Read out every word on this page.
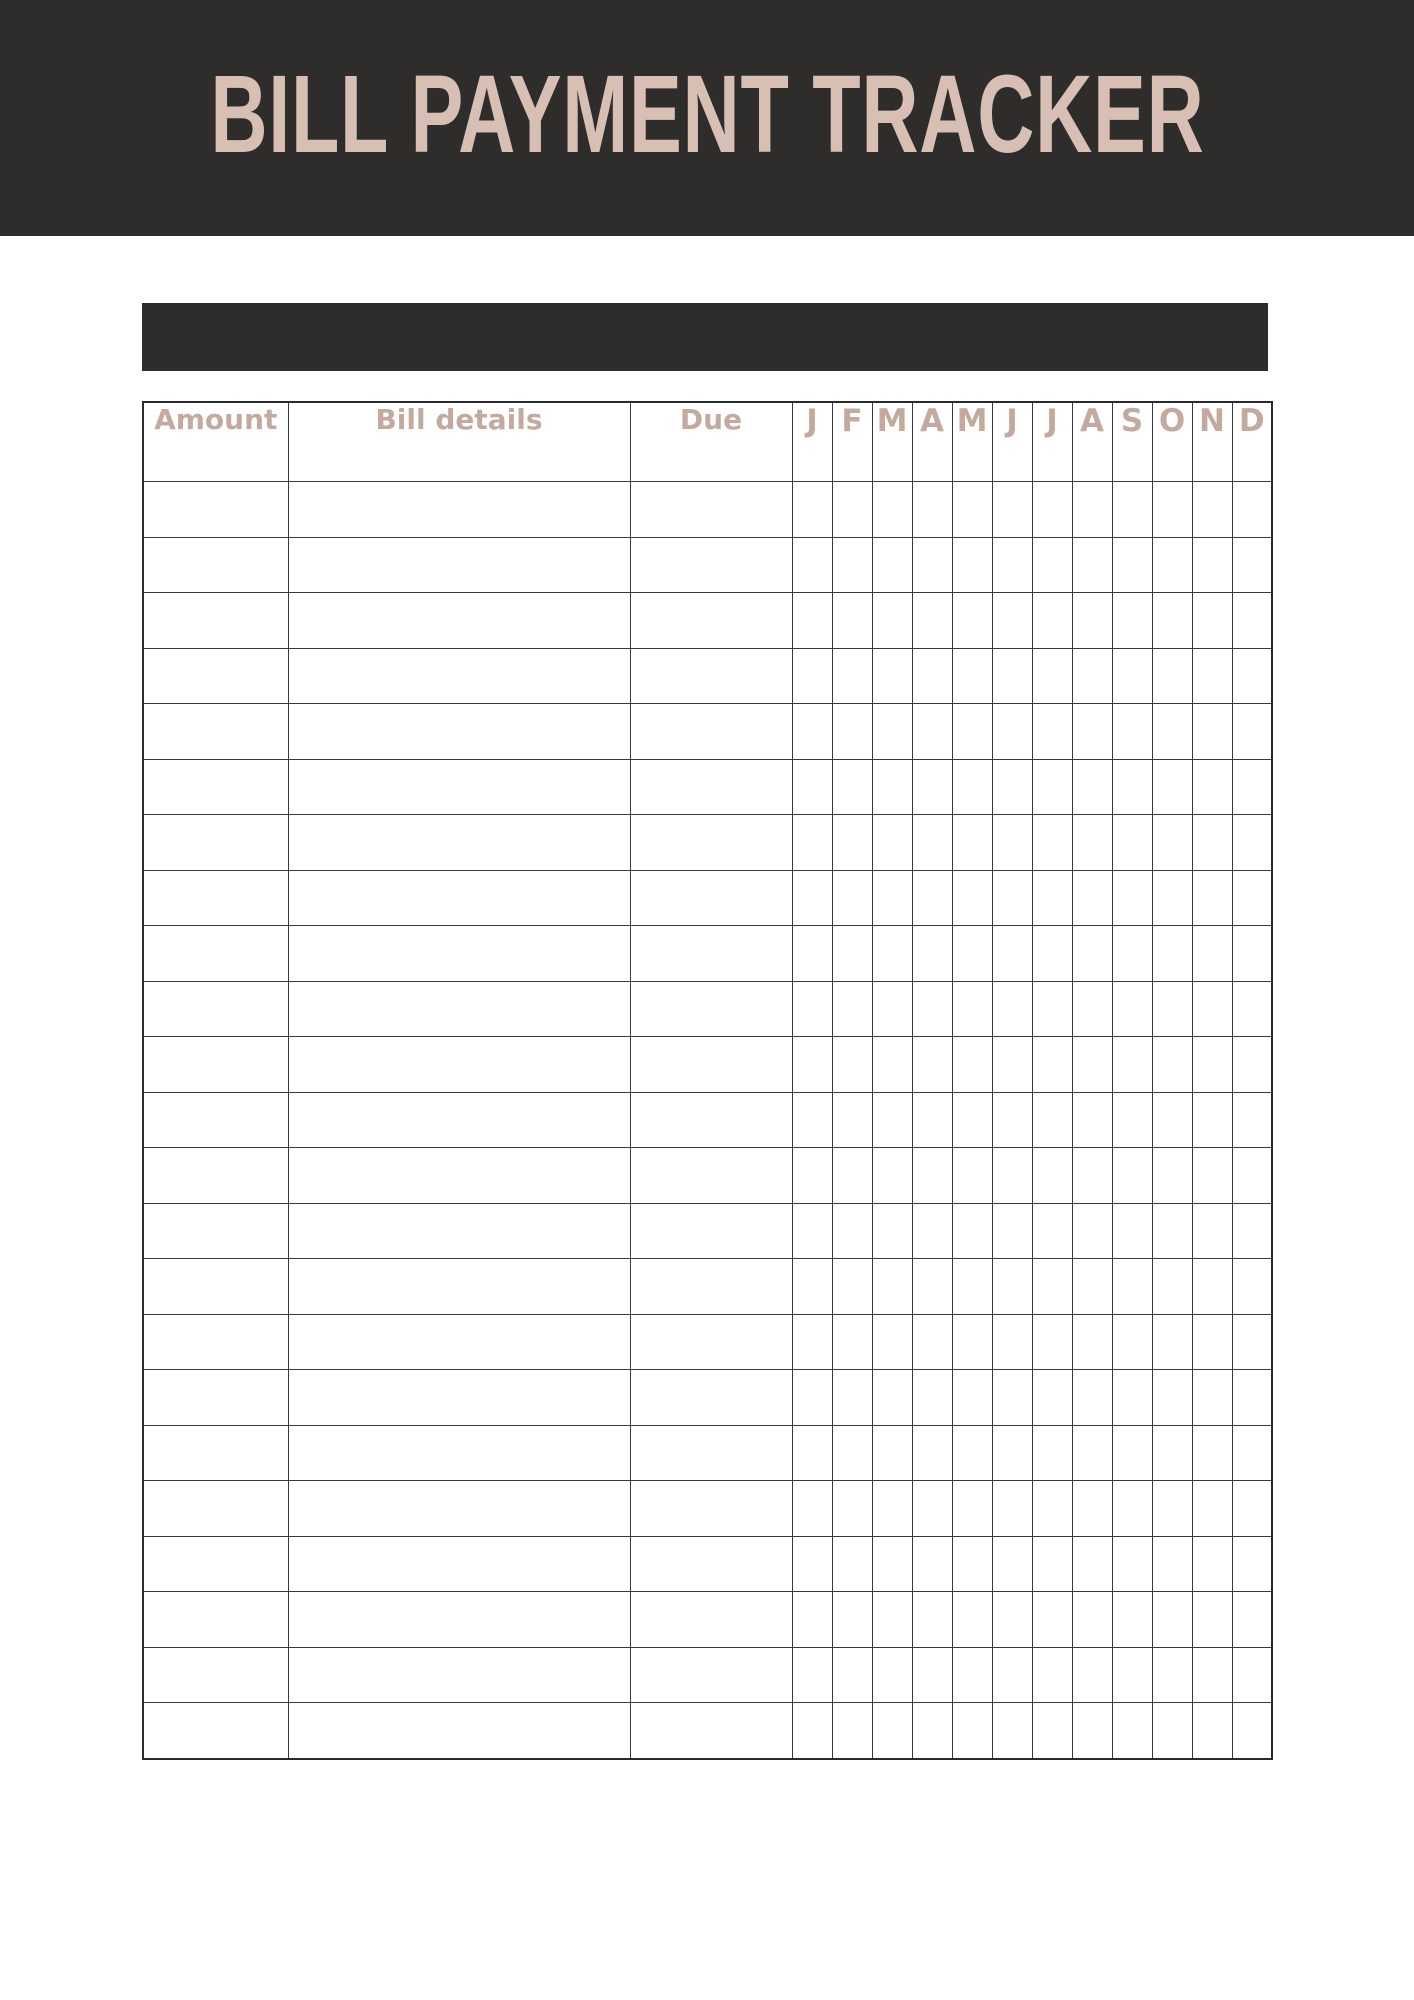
BILL PAYMENT TRACKER
Amount	Bill details	Due	J	F	M	A	M	J	J	A	S	O	N	D
